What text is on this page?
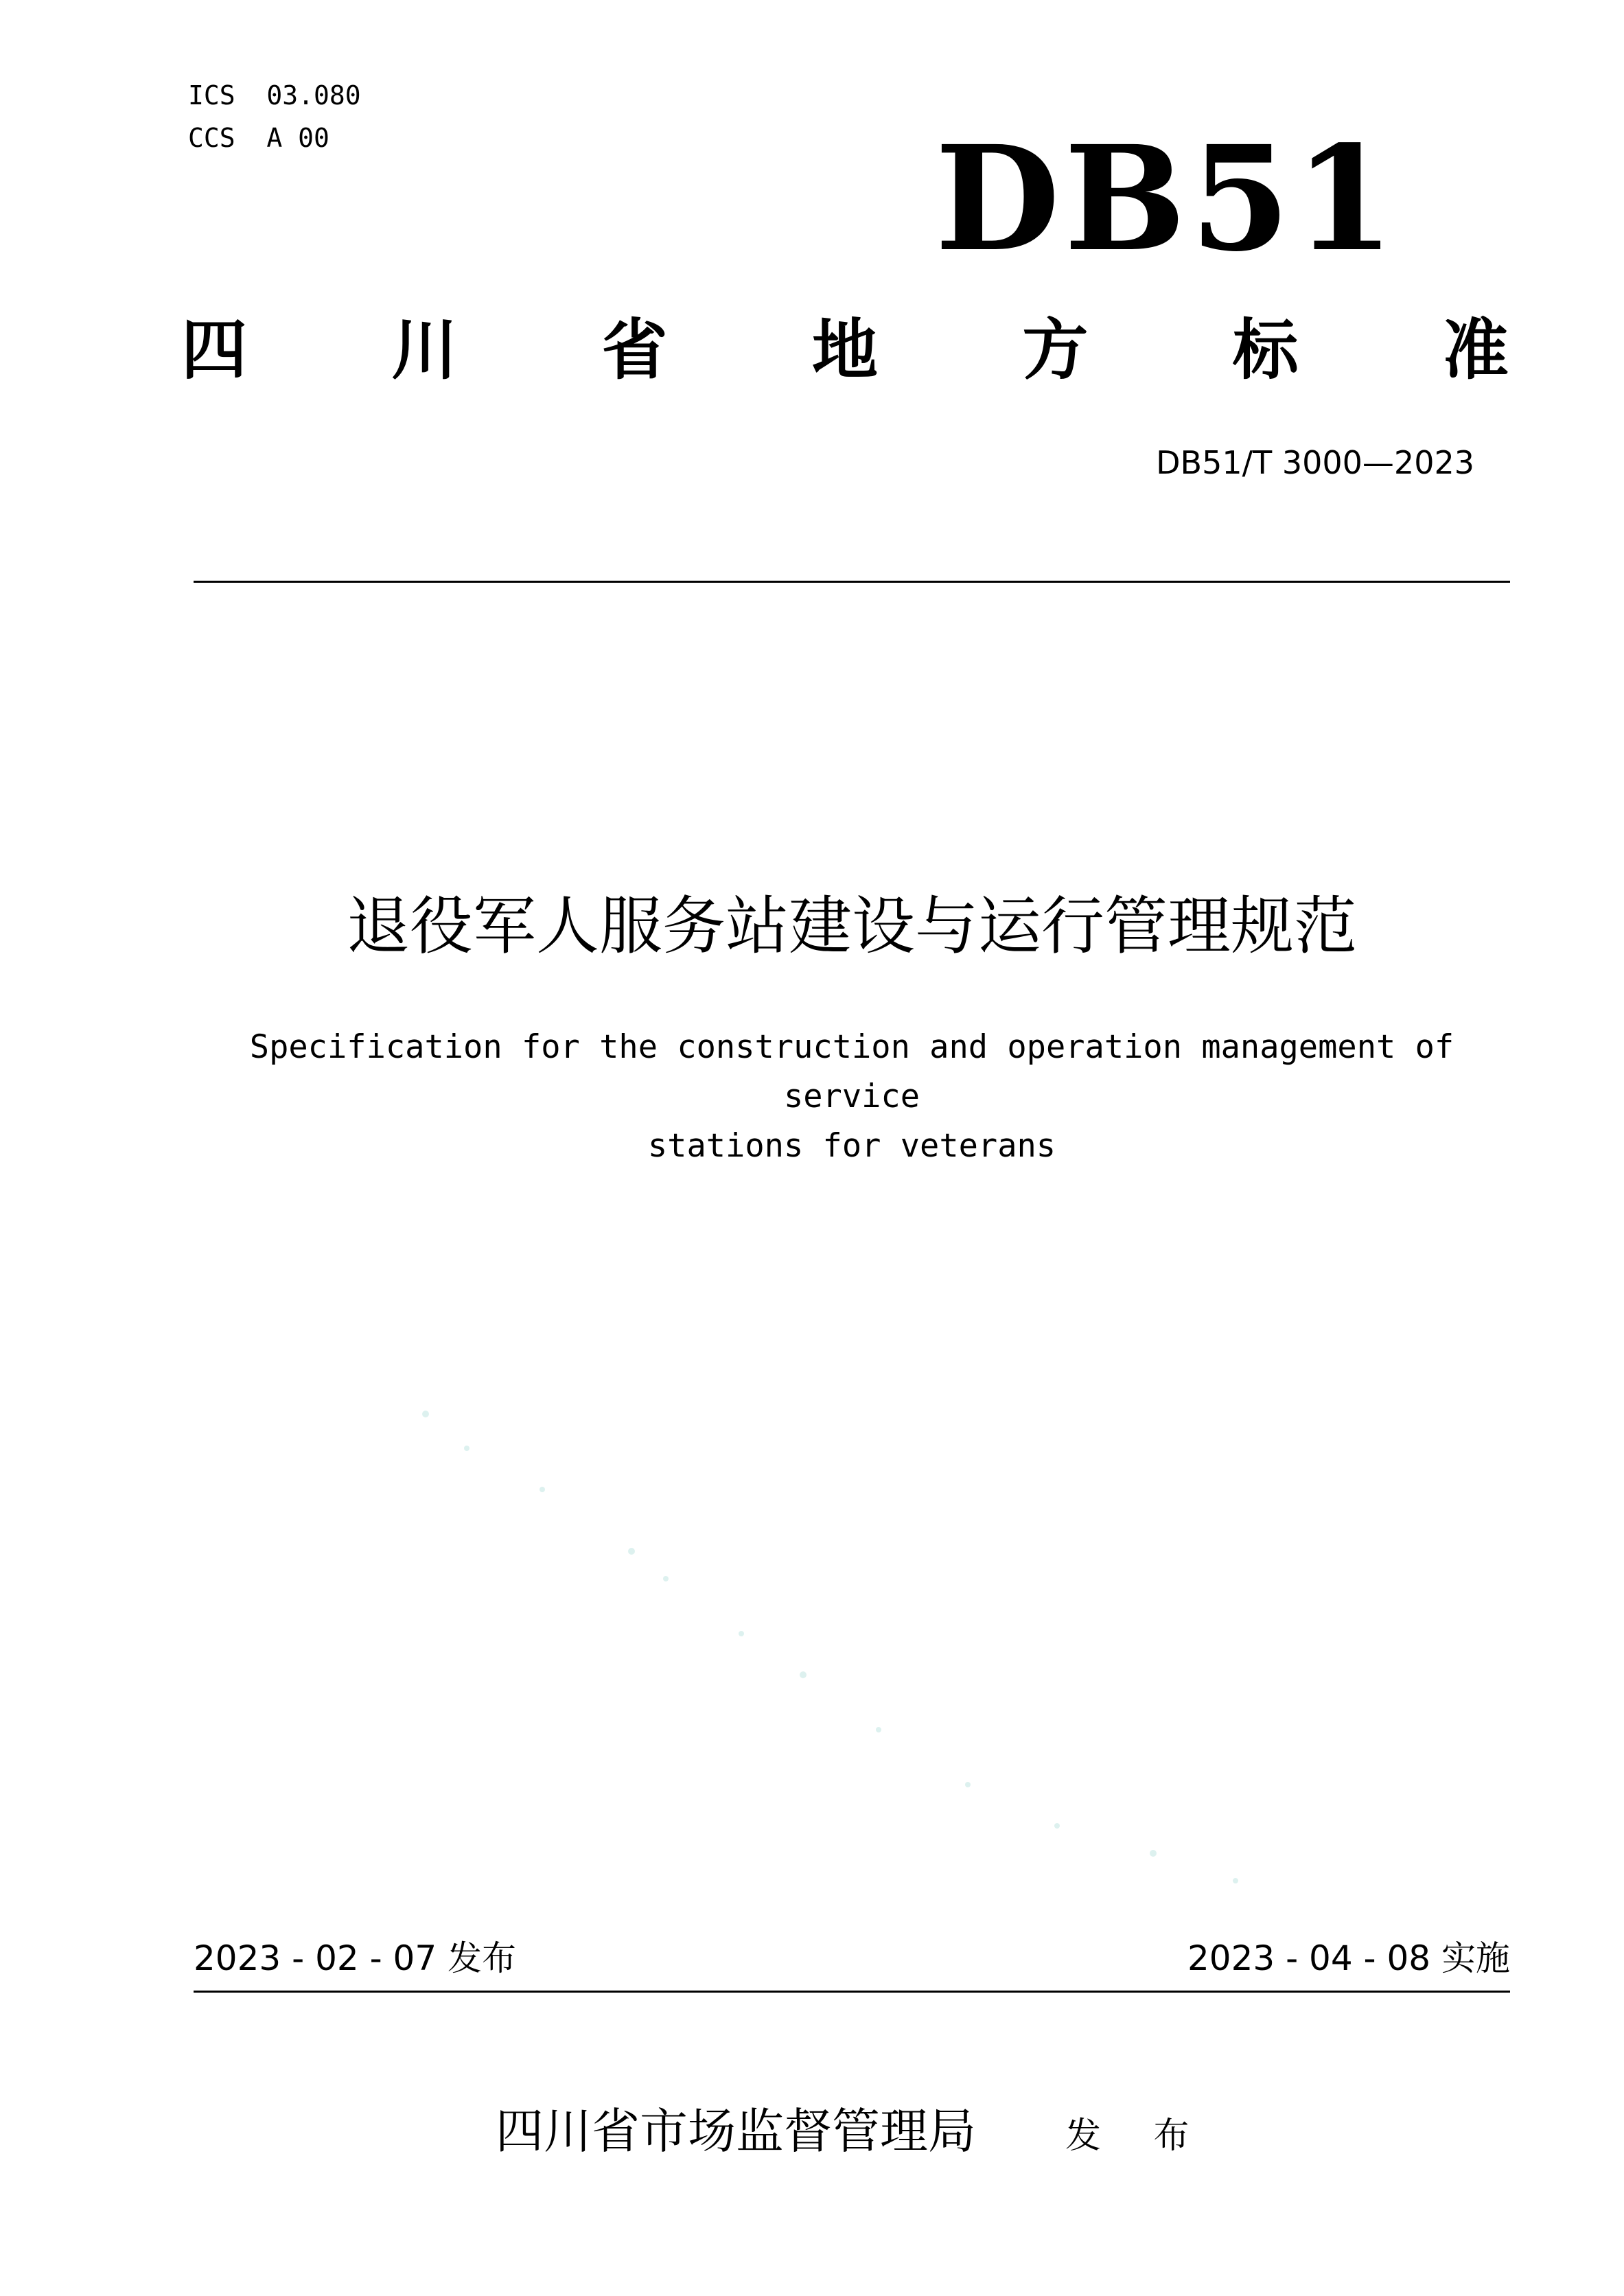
ICS  03.080
CCS  A 00	DB51
四 川 省 地 方 标 准
DB51/T 3000—2023
退役军人服务站建设与运行管理规范
Specification for the construction and operation management of service
stations for veterans
2023 - 02 - 07 发布	2023 - 04 - 08 实施
四川省市场监督管理局	发 布
